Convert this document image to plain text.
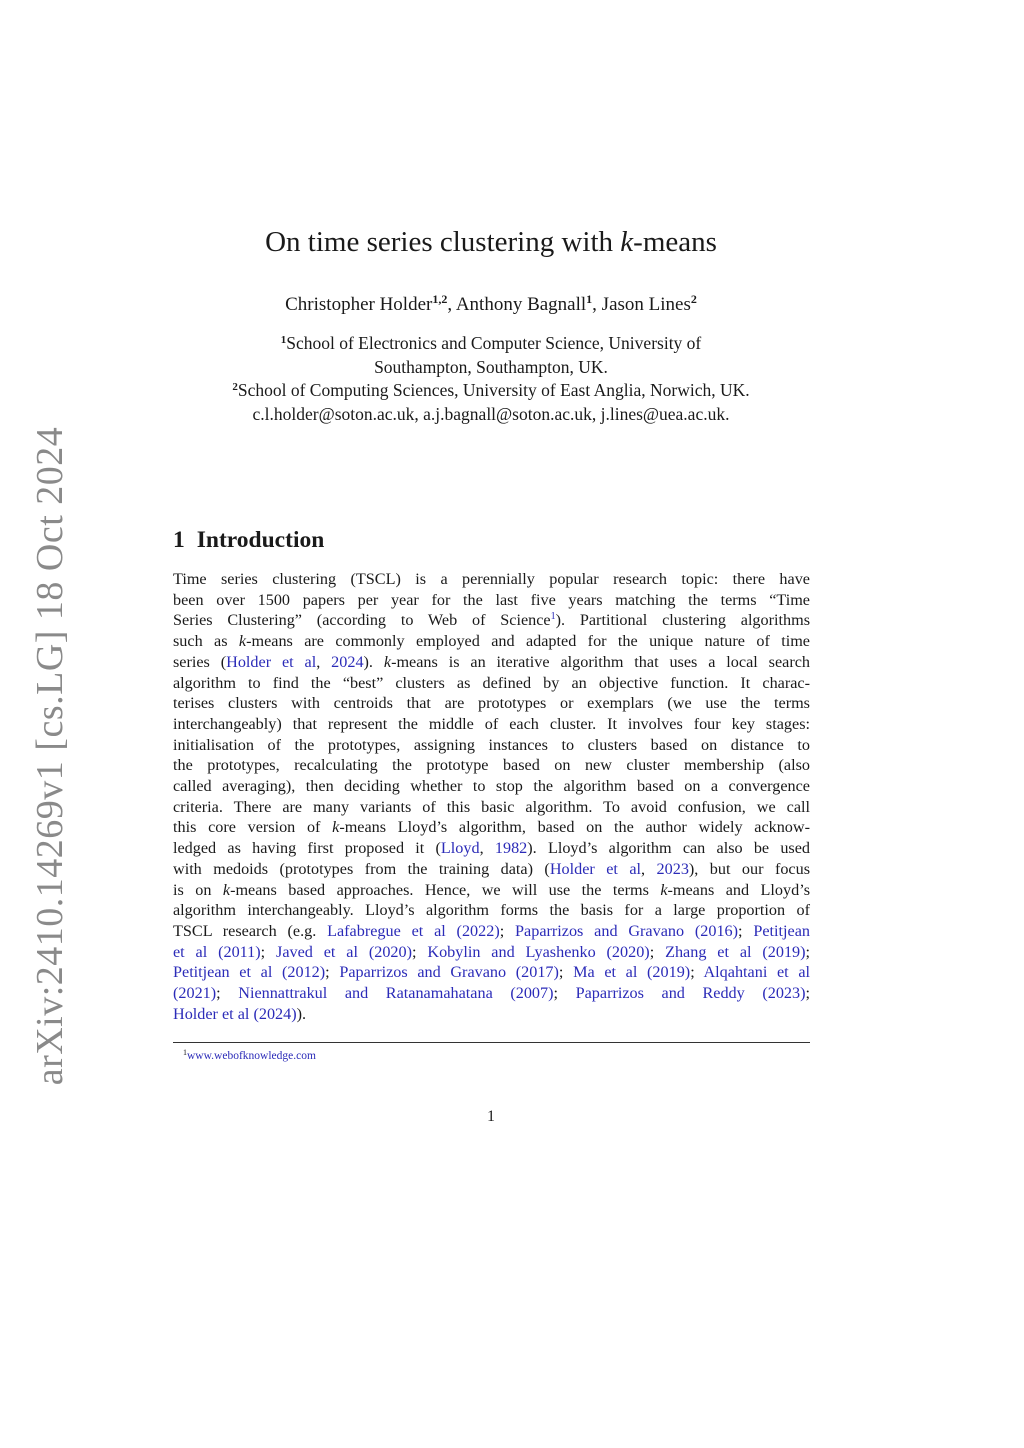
arXiv:2410.14269v1 [cs.LG] 18 Oct 2024
On time series clustering with k-means
Christopher Holder$^{1,2}$, Anthony Bagnall$^1$, Jason Lines$^2$
$^1$School of Electronics and Computer Science, University of
Southampton, Southampton, UK.
$^2$School of Computing Sciences, University of East Anglia, Norwich, UK.
c.l.holder@soton.ac.uk, a.j.bagnall@soton.ac.uk, j.lines@uea.ac.uk.
1 Introduction
Time series clustering (TSCL) is a perennially popular research topic: there have
been over 1500 papers per year for the last five years matching the terms “Time
Series Clustering” (according to Web of Science$^1$). Partitional clustering algorithms
such as k-means are commonly employed and adapted for the unique nature of time
series (Holder et al, 2024). k-means is an iterative algorithm that uses a local search
algorithm to find the “best” clusters as defined by an objective function. It charac-
terises clusters with centroids that are prototypes or exemplars (we use the terms
interchangeably) that represent the middle of each cluster. It involves four key stages:
initialisation of the prototypes, assigning instances to clusters based on distance to
the prototypes, recalculating the prototype based on new cluster membership (also
called averaging), then deciding whether to stop the algorithm based on a convergence
criteria. There are many variants of this basic algorithm. To avoid confusion, we call
this core version of k-means Lloyd’s algorithm, based on the author widely acknow-
ledged as having first proposed it (Lloyd, 1982). Lloyd’s algorithm can also be used
with medoids (prototypes from the training data) (Holder et al, 2023), but our focus
is on k-means based approaches. Hence, we will use the terms k-means and Lloyd’s
algorithm interchangeably. Lloyd’s algorithm forms the basis for a large proportion of
TSCL research (e.g. Lafabregue et al (2022); Paparrizos and Gravano (2016); Petitjean
et al (2011); Javed et al (2020); Kobylin and Lyashenko (2020); Zhang et al (2019);
Petitjean et al (2012); Paparrizos and Gravano (2017); Ma et al (2019); Alqahtani et al
(2021); Niennattrakul and Ratanamahatana (2007); Paparrizos and Reddy (2023);
Holder et al (2024)).
$^1$www.webofknowledge.com
1
